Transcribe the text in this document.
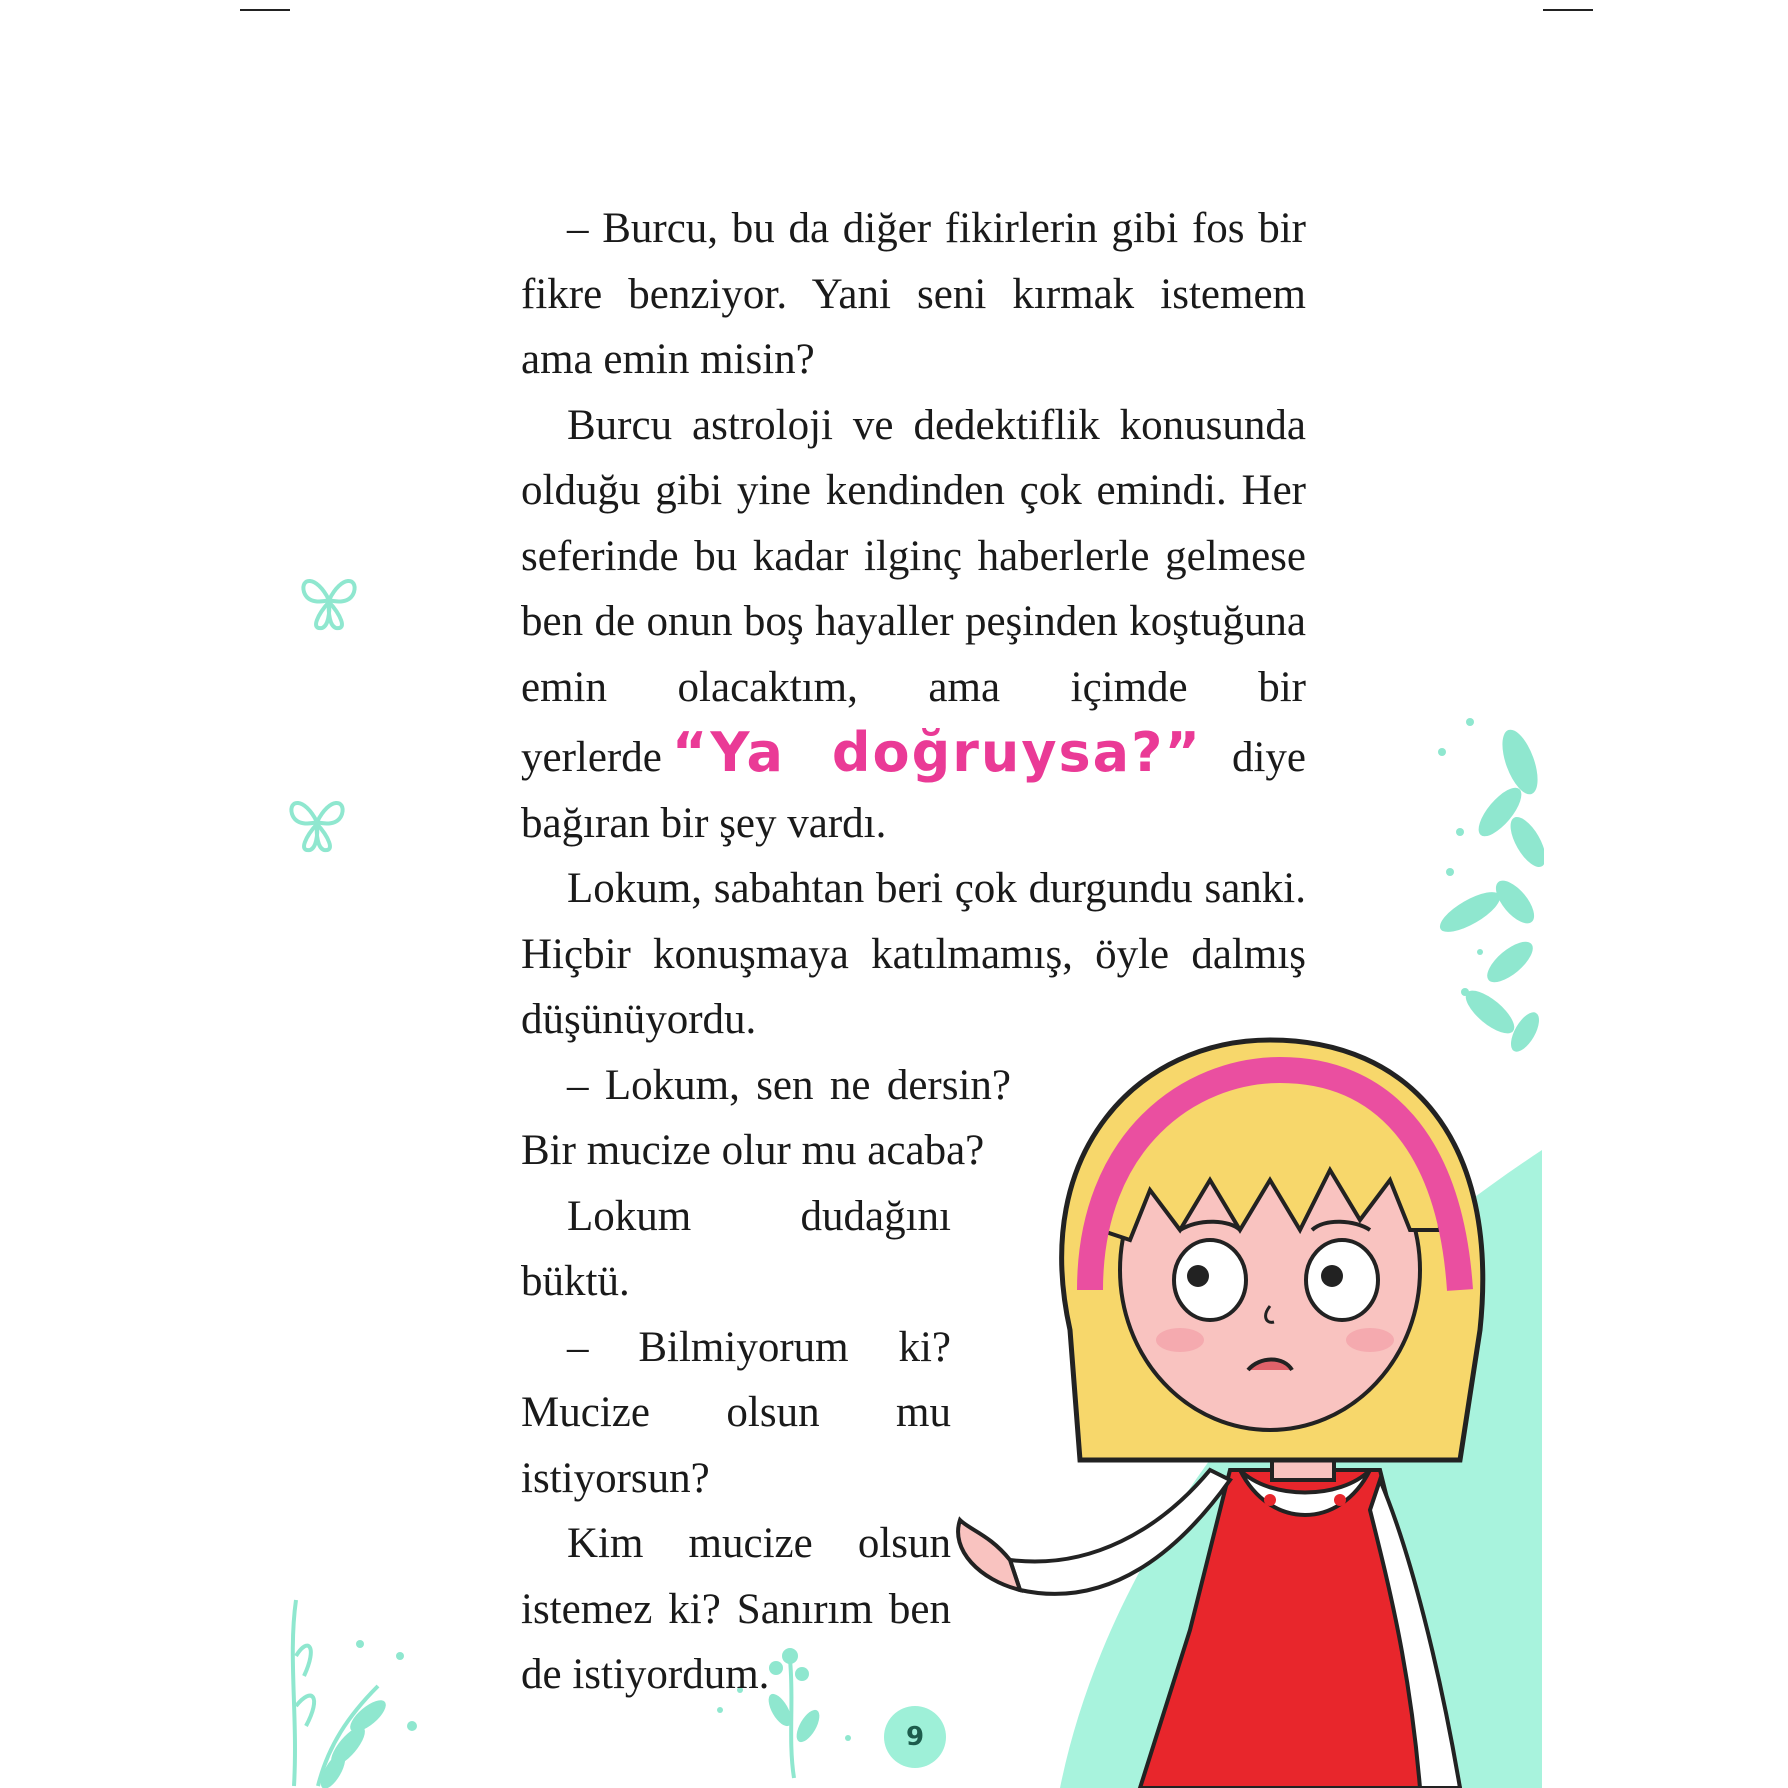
– Burcu, bu da diğer fikirlerin gibi fos bir fikre benziyor. Yani seni kırmak istemem ama emin misin?

Burcu astroloji ve dedektiflik konusunda olduğu gibi yine kendinden çok emindi. Her seferinde bu kadar ilginç haberlerle gelmese ben de onun boş hayaller peşinden koştuğuna emin olacaktım, ama içimde bir yerlerde “Ya doğruysa?” diye bağıran bir şey vardı.

Lokum, sabahtan beri çok durgundu sanki. Hiçbir konuşmaya katılmamış, öyle dalmış düşünüyordu.

– Lokum, sen ne dersin? Bir mucize olur mu acaba?

Lokum dudağını büktü.

– Bilmiyorum ki? Mucize olsun mu istiyorsun?

Kim mucize olsun istemez ki? Sanırım ben de istiyordum.

9
